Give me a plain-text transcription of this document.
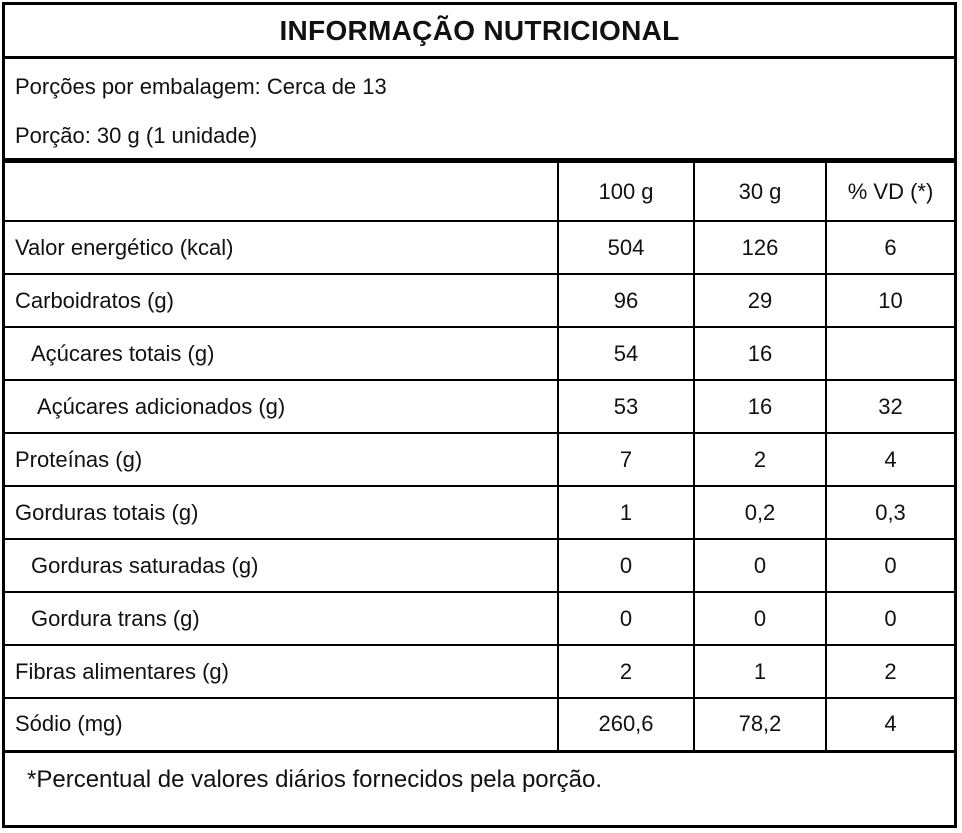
INFORMAÇÃO NUTRICIONAL
Porções por embalagem: Cerca de 13
Porção: 30 g (1 unidade)
	100 g	30 g	% VD (*)
Valor energético (kcal)	504	126	6
Carboidratos (g)	96	29	10
Açúcares totais (g)	54	16	
Açúcares adicionados (g)	53	16	32
Proteínas (g)	7	2	4
Gorduras totais (g)	1	0,2	0,3
Gorduras saturadas (g)	0	0	0
Gordura trans (g)	0	0	0
Fibras alimentares (g)	2	1	2
Sódio (mg)	260,6	78,2	4
*Percentual de valores diários fornecidos pela porção.
